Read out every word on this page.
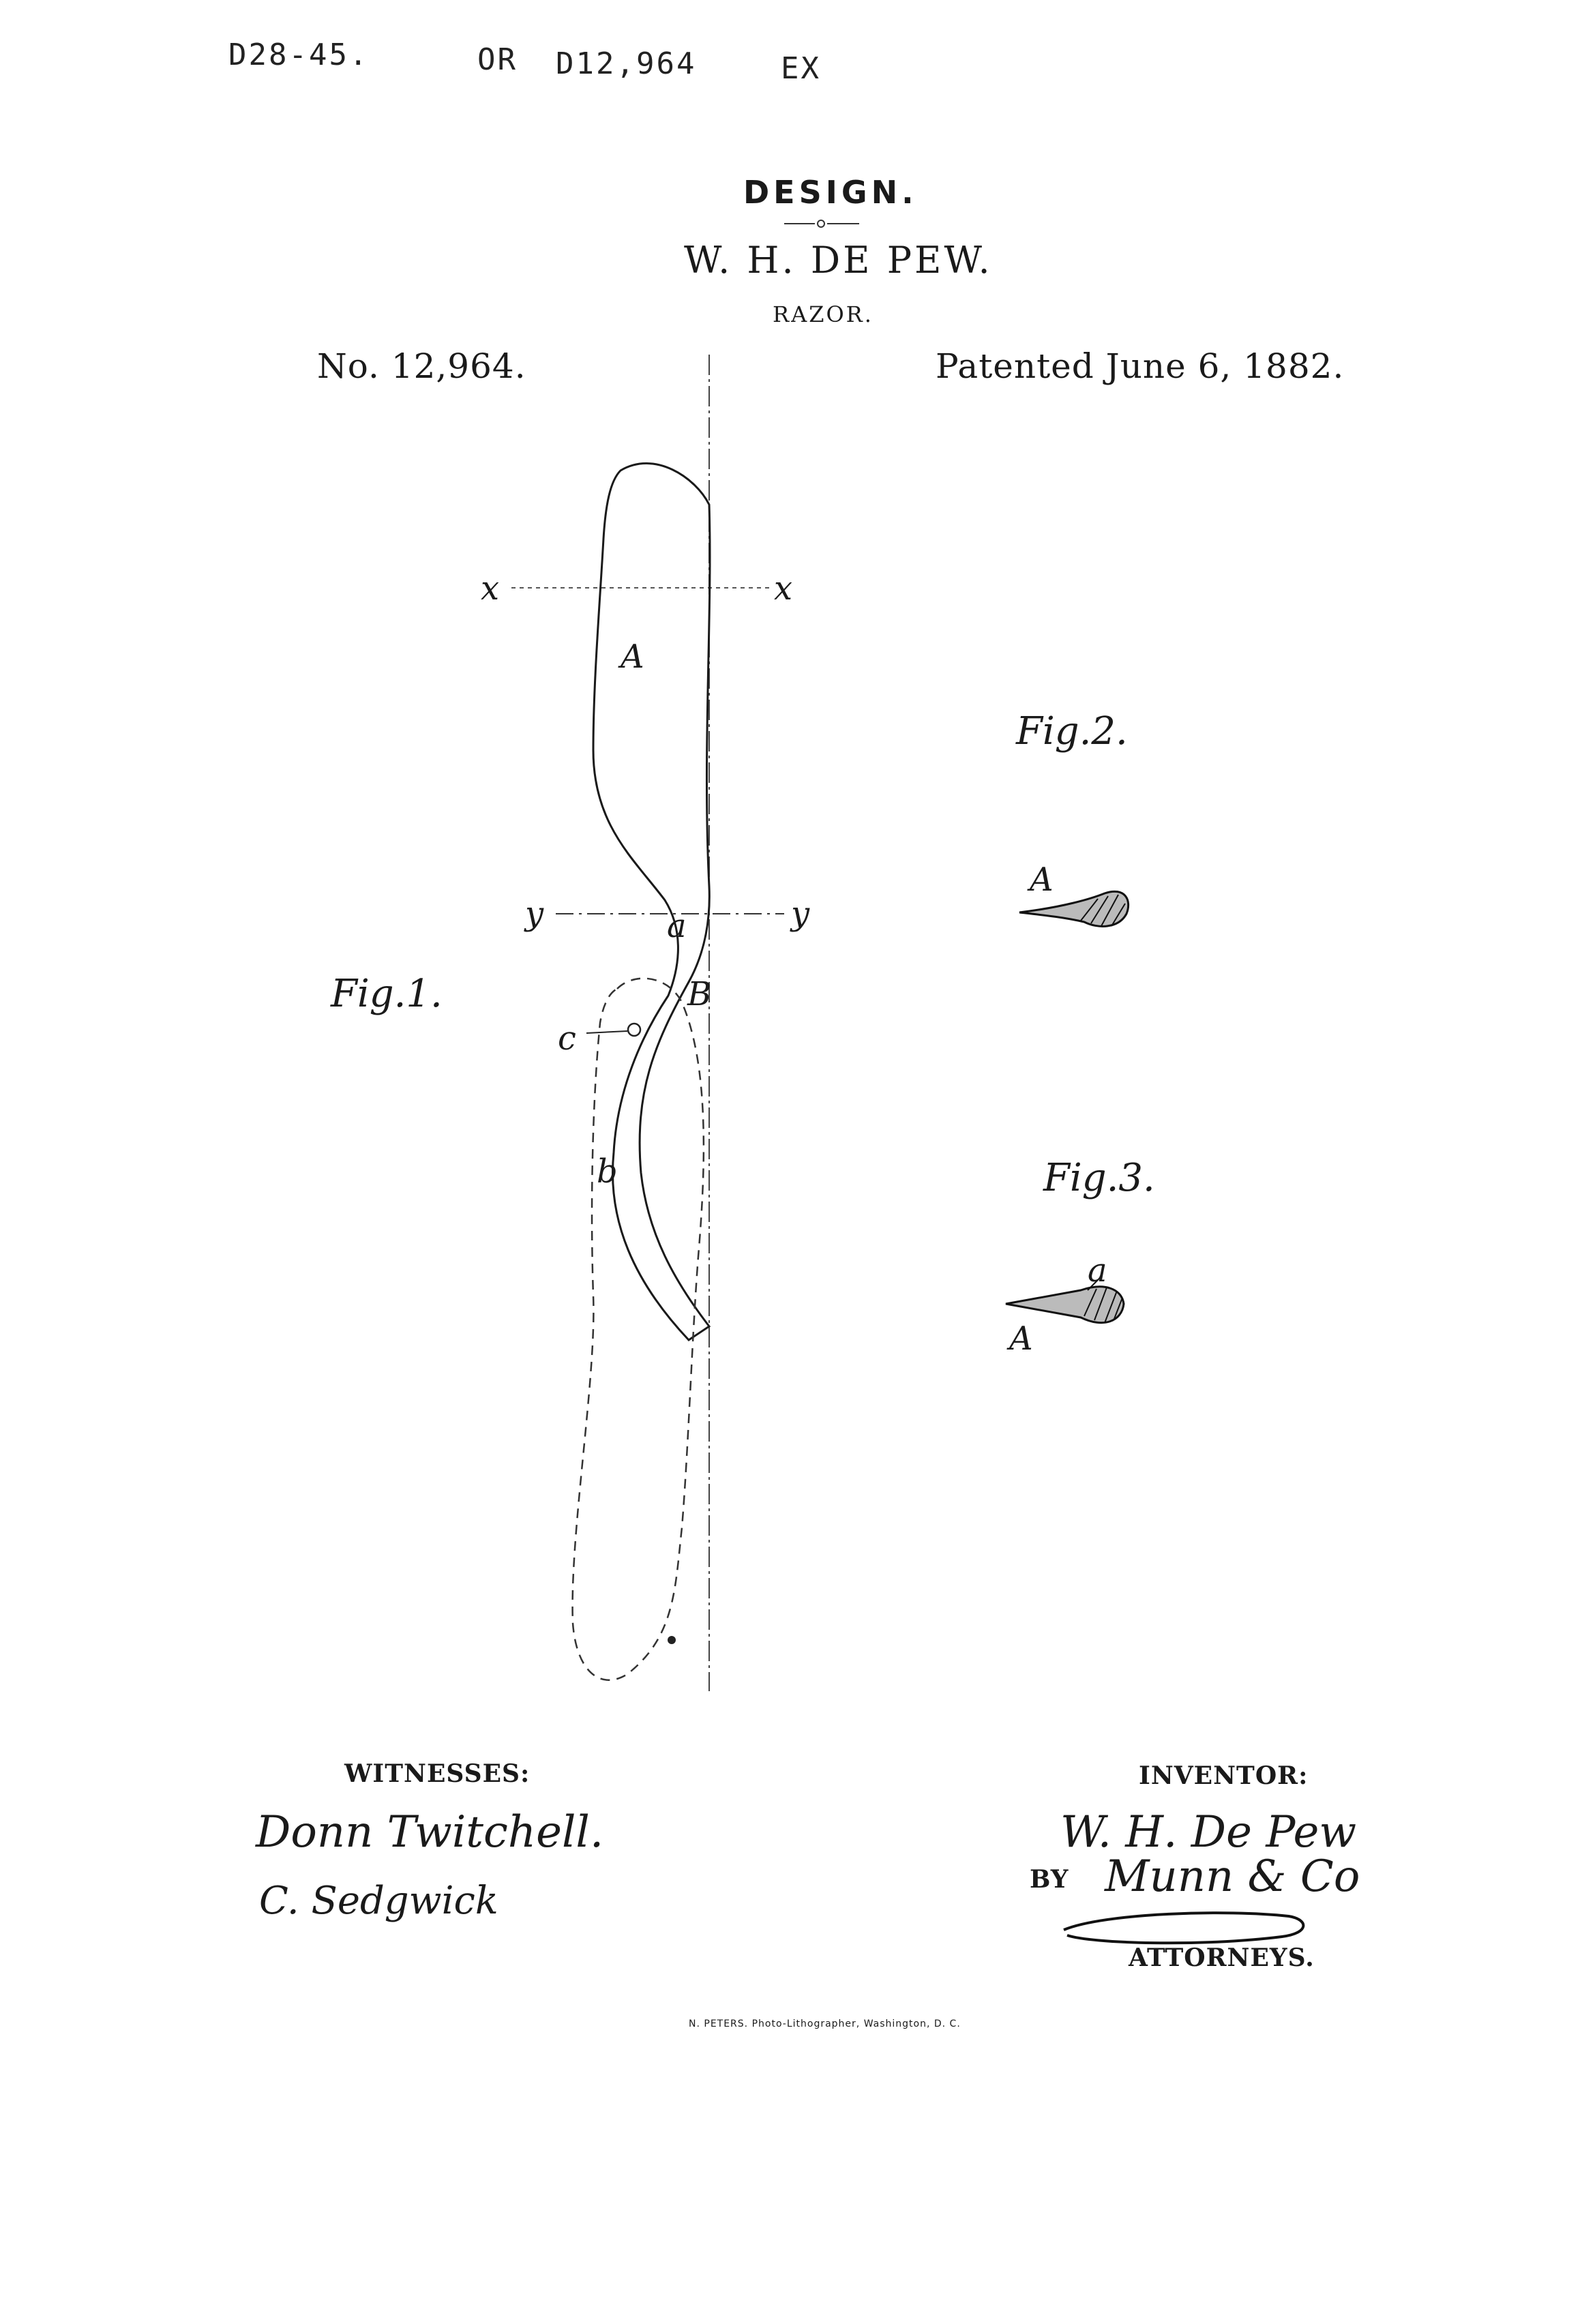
D28-45.	OR D12,964	EX
DESIGN.
W. H. DE PEW.
RAZOR.
No. 12,964.	Patented June 6, 1882.
x	x
A
y	y
a
B
c
b
Fig.1.
Fig.2.
Fig.3.
A
a
A
WITNESSES:
Donn Twitchell.
C. Sedgwick
INVENTOR:
W. H. De Pew
BY Munn & Co
ATTORNEYS.
N. PETERS. Photo-Lithographer, Washington, D. C.
